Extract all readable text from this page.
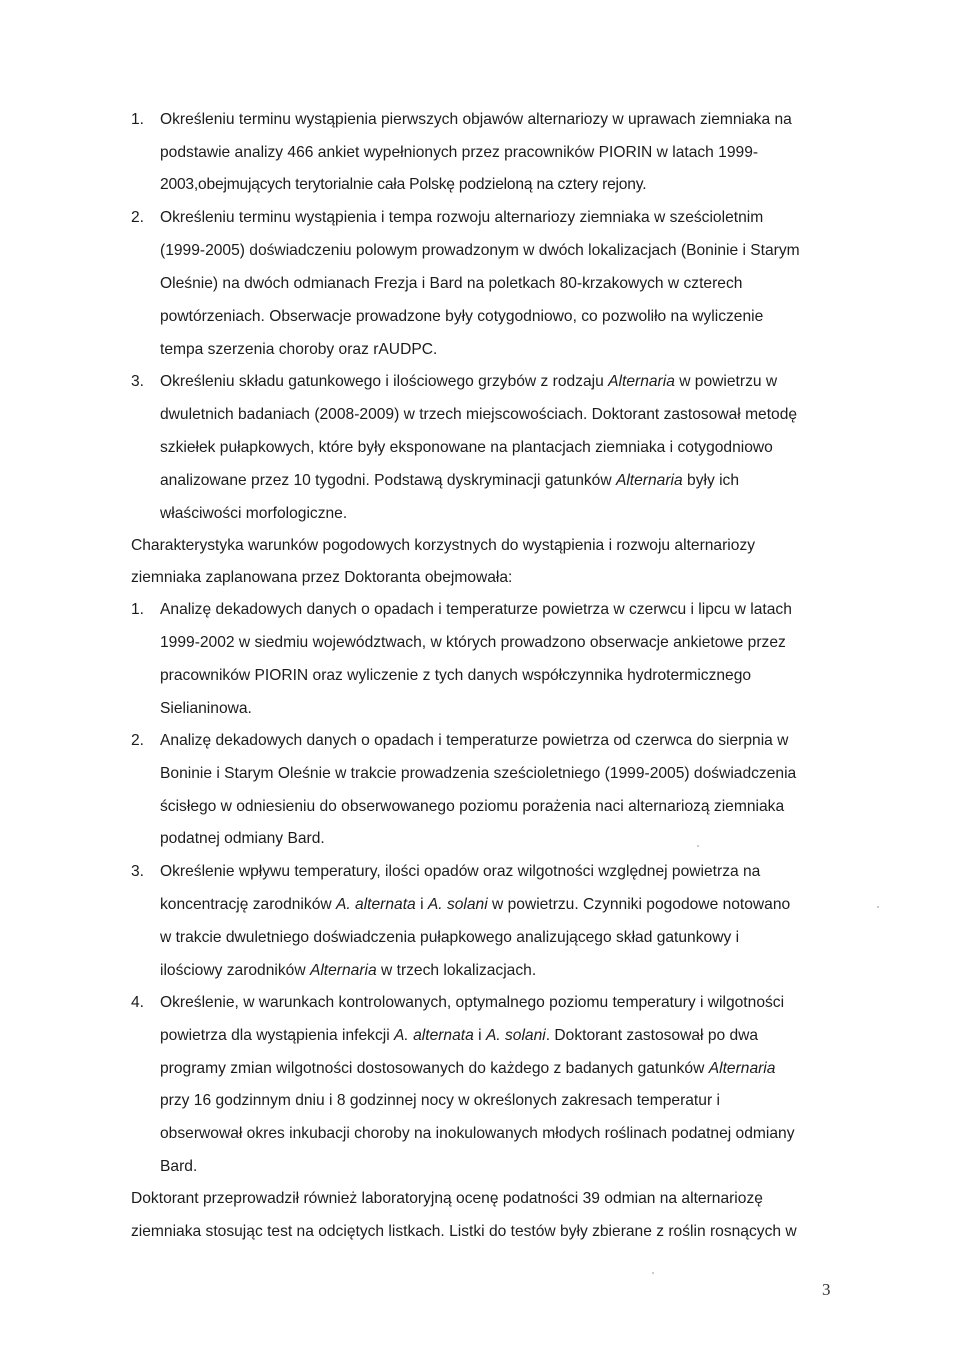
1. Określeniu terminu wystąpienia pierwszych objawów alternariozy w uprawach ziemniaka na

podstawie analizy 466 ankiet wypełnionych przez pracowników PIORIN w latach 1999-

2003,obejmujących terytorialnie cała Polskę podzieloną na cztery rejony.

2. Określeniu terminu wystąpienia i tempa rozwoju alternariozy ziemniaka w sześcioletnim

(1999-2005) doświadczeniu polowym prowadzonym w dwóch lokalizacjach (Boninie i Starym

Oleśnie) na dwóch odmianach Frezja i Bard na poletkach 80-krzakowych w czterech

powtórzeniach. Obserwacje prowadzone były cotygodniowo, co pozwoliło na wyliczenie

tempa szerzenia choroby oraz rAUDPC.

3. Określeniu składu gatunkowego i ilościowego grzybów z rodzaju Alternaria w powietrzu w

dwuletnich badaniach (2008-2009) w trzech miejscowościach. Doktorant zastosował metodę

szkiełek pułapkowych, które były eksponowane na plantacjach ziemniaka i cotygodniowo

analizowane przez 10 tygodni. Podstawą dyskryminacji gatunków Alternaria były ich

właściwości morfologiczne.

Charakterystyka warunków pogodowych korzystnych do wystąpienia i rozwoju alternariozy

ziemniaka zaplanowana przez Doktoranta obejmowała:

1. Analizę dekadowych danych o opadach i temperaturze powietrza w czerwcu i lipcu w latach

1999-2002 w siedmiu województwach, w których prowadzono obserwacje ankietowe przez

pracowników PIORIN oraz wyliczenie z tych danych współczynnika hydrotermicznego

Sielianinowa.

2. Analizę dekadowych danych o opadach i temperaturze powietrza od czerwca do sierpnia w

Boninie i Starym Oleśnie w trakcie prowadzenia sześcioletniego (1999-2005) doświadczenia

ścisłego w odniesieniu do obserwowanego poziomu porażenia naci alternariozą ziemniaka

podatnej odmiany Bard.

3. Określenie wpływu temperatury, ilości opadów oraz wilgotności względnej powietrza na

koncentrację zarodników A. alternata i A. solani w powietrzu. Czynniki pogodowe notowano

w trakcie dwuletniego doświadczenia pułapkowego analizującego skład gatunkowy i

ilościowy zarodników Alternaria w trzech lokalizacjach.

4. Określenie, w warunkach kontrolowanych, optymalnego poziomu temperatury i wilgotności

powietrza dla wystąpienia infekcji A. alternata i A. solani. Doktorant zastosował po dwa

programy zmian wilgotności dostosowanych do każdego z badanych gatunków Alternaria

przy 16 godzinnym dniu i 8 godzinnej nocy w określonych zakresach temperatur i

obserwował okres inkubacji choroby na inokulowanych młodych roślinach podatnej odmiany

Bard.

Doktorant przeprowadził również laboratoryjną ocenę podatności 39 odmian na alternariozę

ziemniaka stosując test na odciętych listkach. Listki do testów były zbierane z roślin rosnących w

3
